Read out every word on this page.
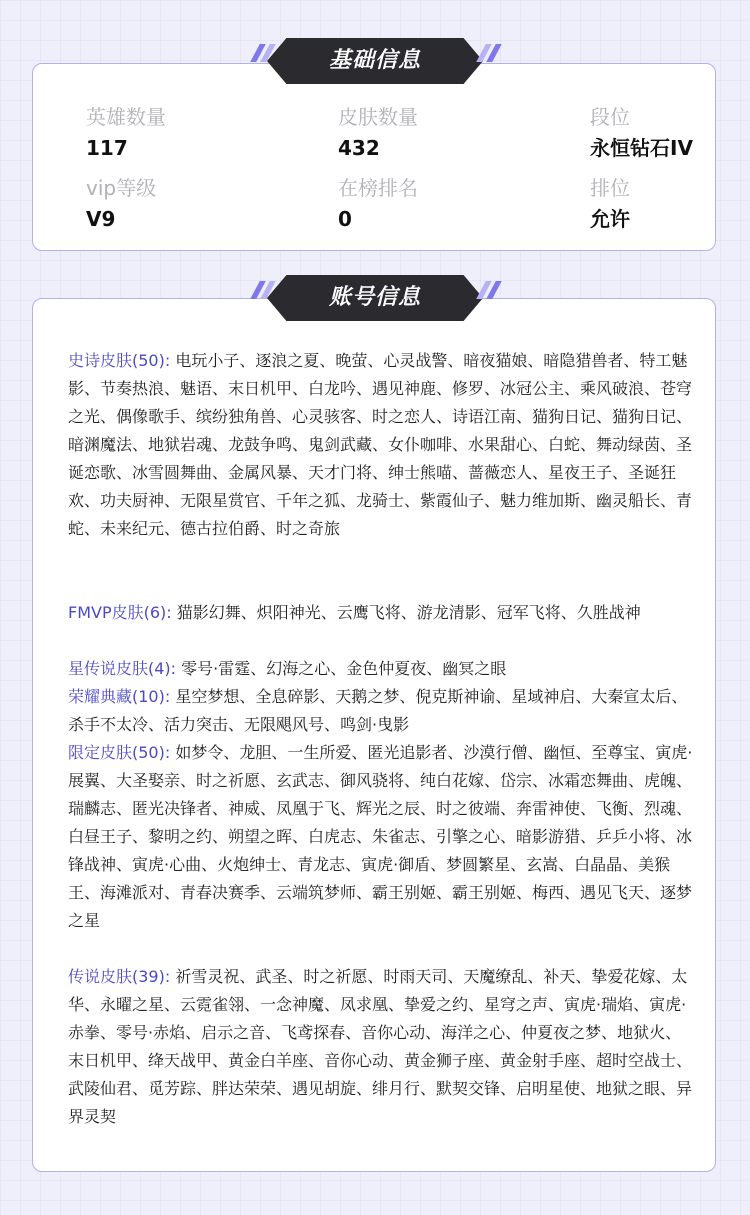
英雄数量
117
皮肤数量
432
段位
永恒钻石IV
vip等级
V9
在榜排名
0
排位
允许
基础信息
账号信息
史诗皮肤(50): 电玩小子、逐浪之夏、晚萤、心灵战警、暗夜猫娘、暗隐猎兽者、特工魅影、节奏热浪、魅语、末日机甲、白龙吟、遇见神鹿、修罗、冰冠公主、乘风破浪、苍穹之光、偶像歌手、缤纷独角兽、心灵骇客、时之恋人、诗语江南、猫狗日记、猫狗日记、暗渊魔法、地狱岩魂、龙鼓争鸣、鬼剑武藏、女仆咖啡、水果甜心、白蛇、舞动绿茵、圣诞恋歌、冰雪圆舞曲、金属风暴、天才门将、绅士熊喵、蔷薇恋人、星夜王子、圣诞狂欢、功夫厨神、无限星赏官、千年之狐、龙骑士、紫霞仙子、魅力维加斯、幽灵船长、青蛇、未来纪元、德古拉伯爵、时之奇旅
FMVP皮肤(6): 猫影幻舞、炽阳神光、云鹰飞将、游龙清影、冠军飞将、久胜战神
星传说皮肤(4): 零号·雷霆、幻海之心、金色仲夏夜、幽冥之眼
荣耀典藏(10): 星空梦想、全息碎影、天鹅之梦、倪克斯神谕、星域神启、大秦宣太后、杀手不太冷、活力突击、无限飓风号、鸣剑·曳影
限定皮肤(50): 如梦令、龙胆、一生所爱、匿光追影者、沙漠行僧、幽恒、至尊宝、寅虎·展翼、大圣娶亲、时之祈愿、玄武志、御风骁将、纯白花嫁、岱宗、冰霜恋舞曲、虎魄、瑞麟志、匿光决锋者、神威、凤凰于飞、辉光之辰、时之彼端、奔雷神使、飞衡、烈魂、白昼王子、黎明之约、朔望之晖、白虎志、朱雀志、引擎之心、暗影游猎、乒乒小将、冰锋战神、寅虎·心曲、火炮绅士、青龙志、寅虎·御盾、梦圆繁星、玄嵩、白晶晶、美猴王、海滩派对、青春决赛季、云端筑梦师、霸王别姬、霸王别姬、梅西、遇见飞天、逐梦之星
传说皮肤(39): 祈雪灵祝、武圣、时之祈愿、时雨天司、天魔缭乱、补天、挚爱花嫁、太华、永曜之星、云霓雀翎、一念神魔、凤求凰、挚爱之约、星穹之声、寅虎·瑞焰、寅虎·赤拳、零号·赤焰、启示之音、飞鸢探春、音你心动、海洋之心、仲夏夜之梦、地狱火、末日机甲、绛天战甲、黄金白羊座、音你心动、黄金狮子座、黄金射手座、超时空战士、武陵仙君、觅芳踪、胖达荣荣、遇见胡旋、绯月行、默契交锋、启明星使、地狱之眼、异界灵契
